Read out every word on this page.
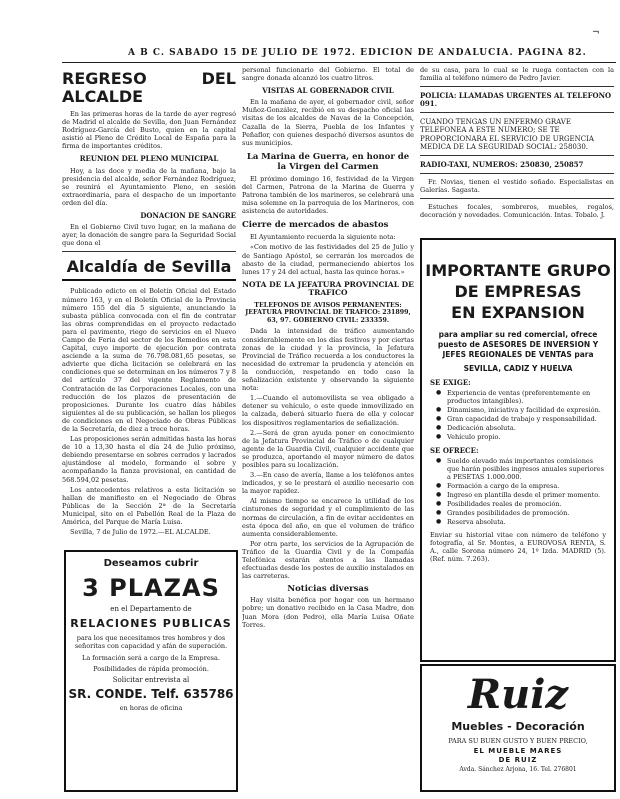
¬
A B C. SABADO 15 DE JULIO DE 1972. EDICION DE ANDALUCIA. PAGINA 82.
REGRESO DEL ALCALDE

En las primeras horas de la tarde de ayer regresó de Madrid el alcalde de Sevilla, don Juan Fernández Rodríguez-García del Busto, quien en la capital asistió al Pleno de Crédito Local de España para la firma de importantes créditos.

REUNION DEL PLENO MUNICIPAL

Hoy, a las doce y media de la mañana, bajo la presidencia del alcalde, señor Fernández Rodríguez, se reunirá el Ayuntamiento Pleno, en sesión extraordinaria, para el despacho de un importante orden del día.

DONACION DE SANGRE

En el Gobierno Civil tuvo lugar, en la mañana de ayer, la donación de sangre para la Seguridad Social que dona el

Alcaldía de Sevilla

Publicado edicto en el Boletín Oficial del Estado número 163, y en el Boletín Oficial de la Provincia número 155 del día 5 siguiente, anunciando la subasta pública convocada con el fin de contratar las obras comprendidas en el proyecto redactado para el pavimento, riego de servicios en el Nuevo Campo de Feria del sector de los Remedios en esta Capital, cuyo importe de ejecución por contrata asciende a la suma de 76.798.081,65 pesetas, se advierte que dicha licitación se celebrará en las condiciones que se determinan en los números 7 y 8 del artículo 37 del vigente Reglamento de Contratación de las Corporaciones Locales, con una reducción de los plazos de presentación de proposiciones. Durante los cuatro días hábiles siguientes al de su publicación, se hallan los pliegos de condiciones en el Negociado de Obras Públicas de la Secretaría, de diez a trece horas.

Las proposiciones serán admitidas hasta las horas de 10 a 13,30 hasta el día 24 de Julio próximo, debiendo presentarse en sobres cerrados y lacrados ajustándose al modelo, formando el sobre y acompañando la fianza provisional, en cantidad de 568.594,02 pesetas.

Los antecedentes relativos a esta licitación se hallan de manifiesto en el Negociado de Obras Públicas de la Sección 2ª de la Secretaría Municipal, sito en el Pabellón Real de la Plaza de América, del Parque de María Luisa.

Sevilla, 7 de Julio de 1972.—EL ALCALDE.

Deseamos cubrir
3 PLAZAS
en el Departamento de
RELACIONES PUBLICAS
para los que necesitamos tres hombres y dos señoritas con capacidad y afán de superación.
La formación será a cargo de la Empresa.
Posibilidades de rápida promoción.
Solicitar entrevista al
SR. CONDE. Telf. 635786
en horas de oficina

personal funcionario del Gobierno. El total de sangre donada alcanzó los cuatro litros.

VISITAS AL GOBERNADOR CIVIL

En la mañana de ayer, el gobernador civil, señor Muñoz-González, recibió en su despacho oficial las visitas de los alcaldes de Navas de la Concepción, Cazalla de la Sierra, Puebla de los Infantes y Peñaflor, con quienes despachó diversos asuntos de sus municipios.

La Marina de Guerra, en honor de la Virgen del Carmen

El próximo domingo 16, festividad de la Virgen del Carmen, Patrona de la Marina de Guerra y Patrona también de los marineros, se celebrará una misa solemne en la parroquia de los Marineros, con asistencia de autoridades.

Cierre de mercados de abastos

El Ayuntamiento recuerda la siguiente nota:

«Con motivo de las festividades del 25 de Julio y de Santiago Apóstol, se cerrarán los mercados de abasto de la ciudad, permaneciendo abiertos los lunes 17 y 24 del actual, hasta las quince horas.»

NOTA DE LA JEFATURA PROVINCIAL DE TRAFICO
TELEFONOS DE AVISOS PERMANENTES: JEFATURA PROVINCIAL DE TRAFICO: 231899, 63, 97. GOBIERNO CIVIL: 233359.

Dada la intensidad de tráfico aumentando considerablemente en los días festivos y por ciertas zonas de la ciudad y la provincia, la Jefatura Provincial de Tráfico recuerda a los conductores la necesidad de extremar la prudencia y atención en la conducción, respetando en todo caso la señalización existente y observando la siguiente nota:

1.—Cuando el automovilista se vea obligado a detener su vehículo, o este quede inmovilizado en la calzada, deberá situarlo fuera de ella y colocar los dispositivos reglamentarios de señalización.

2.—Será de gran ayuda poner en conocimiento de la Jefatura Provincial de Tráfico o de cualquier agente de la Guardia Civil, cualquier accidente que se produzca, aportando el mayor número de datos posibles para su localización.

3.—En caso de avería, llame a los teléfonos antes indicados, y se le prestará el auxilio necesario con la mayor rapidez.

Al mismo tiempo se encarece la utilidad de los cinturones de seguridad y el cumplimiento de las normas de circulación, a fin de evitar accidentes en esta época del año, en que el volumen de tráfico aumenta considerablemente.

Por otra parte, los servicios de la Agrupación de Tráfico de la Guardia Civil y de la Compañía Telefónica estarán atentos a las llamadas efectuadas desde los postes de auxilio instalados en las carreteras.

Noticias diversas

Hay visita benéfica por hogar con un hermano pobre; un donativo recibido en la Casa Madre, don Juan Mora (don Pedro), ella María Luisa Oñate Torres.

de su casa, para lo cual se le ruega contacten con la familia al teléfono número de Pedro Javier.

POLICIA: LLAMADAS URGENTES AL TELEFONO 091.
CUANDO TENGAS UN ENFERMO GRAVE TELEFONEA A ESTE NUMERO; SE TE PROPORCIONARA EL SERVICIO DE URGENCIA MEDICA DE LA SEGURIDAD SOCIAL: 258030.
RADIO-TAXI, NUMEROS: 250830, 250857

Fr. Novias, tienen el vestido soñado. Especialistas en Galerías. Sagasta.

Estuches focales, sombreros, muebles, regalos, decoración y novedades. Comunicación. Intas. Tobalo. J.

IMPORTANTE GRUPO
DE EMPRESAS
EN EXPANSION
para ampliar su red comercial, ofrece puesto de ASESORES DE INVERSION Y JEFES REGIONALES DE VENTAS para
SEVILLA, CADIZ Y HUELVA
SE EXIGE:
● Experiencia de ventas (preferentemente en productos intangibles).
● Dinamismo, iniciativa y facilidad de expresión.
● Gran capacidad de trabajo y responsabilidad.
● Dedicación absoluta.
● Vehículo propio.
SE OFRECE:
● Sueldo elevado más importantes comisiones que harán posibles ingresos anuales superiores a PESETAS 1.000.000.
● Formación a cargo de la empresa.
● Ingreso en plantilla desde el primer momento.
● Posibilidades reales de promoción.
● Grandes posibilidades de promoción.
● Reserva absoluta.
Enviar su historial vitae con número de teléfono y fotografía, al Sr. Montes, a EUROVOSA RENTA, S. A., calle Sorona número 24, 1º Izda. MADRID (5). (Ref. núm. 7.263).
Ruiz
Muebles - Decoración
PARA SU BUEN GUSTO Y BUEN PRECIO,
EL MUEBLE MARES
DE RUIZ
Avda. Sánchez Arjona, 16. Tel. 276801
